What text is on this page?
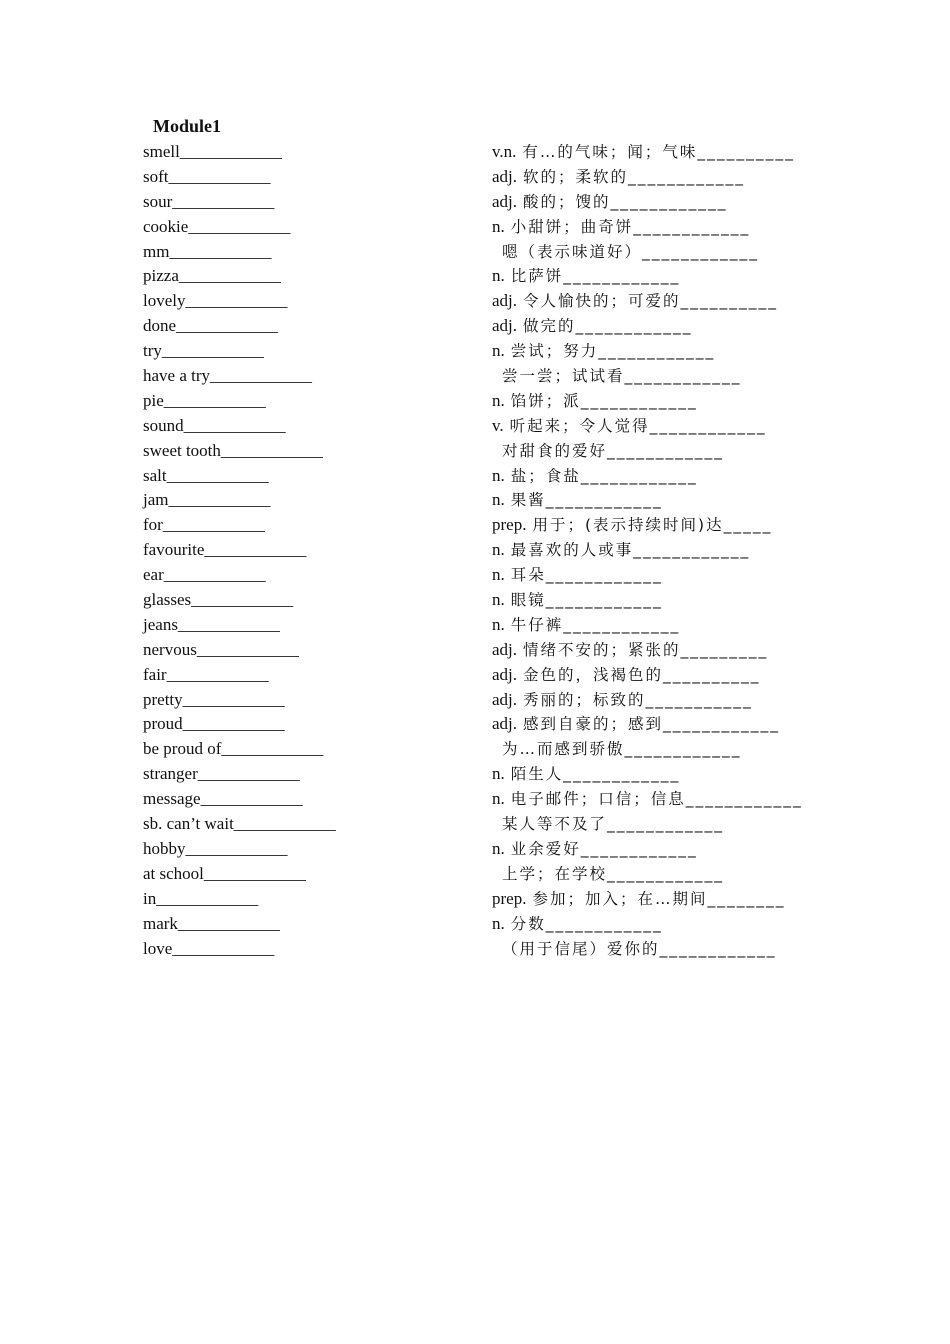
Module1
smell____________
soft____________
sour____________
cookie____________
mm____________
pizza____________
lovely____________
done____________
try____________
have a try____________
pie____________
sound____________
sweet tooth____________
salt____________
jam____________
for____________
favourite____________
ear____________
glasses____________
jeans____________
nervous____________
fair____________
pretty____________
proud____________
be proud of____________
stranger____________
message____________
sb. can’t wait____________
hobby____________
at school____________
in____________
mark____________
love____________
v.n. 有…的气味；闻；气味__________
adj. 软的；柔软的____________
adj. 酸的；馊的____________
n. 小甜饼；曲奇饼____________
嗯（表示味道好）____________
n. 比萨饼____________
adj. 令人愉快的；可爱的__________
adj. 做完的____________
n. 尝试；努力____________
尝一尝；试试看____________
n. 馅饼；派____________
v. 听起来；令人觉得____________
对甜食的爱好____________
n. 盐；食盐____________
n. 果酱____________
prep. 用于；(表示持续时间)达_____
n. 最喜欢的人或事____________
n. 耳朵____________
n. 眼镜____________
n. 牛仔裤____________
adj. 情绪不安的；紧张的_________
adj. 金色的，浅褐色的__________
adj. 秀丽的；标致的___________
adj. 感到自豪的；感到____________
为…而感到骄傲____________
n. 陌生人____________
n. 电子邮件；口信；信息____________
某人等不及了____________
n. 业余爱好____________
上学；在学校____________
prep. 参加；加入；在…期间________
n. 分数____________
（用于信尾）爱你的____________
